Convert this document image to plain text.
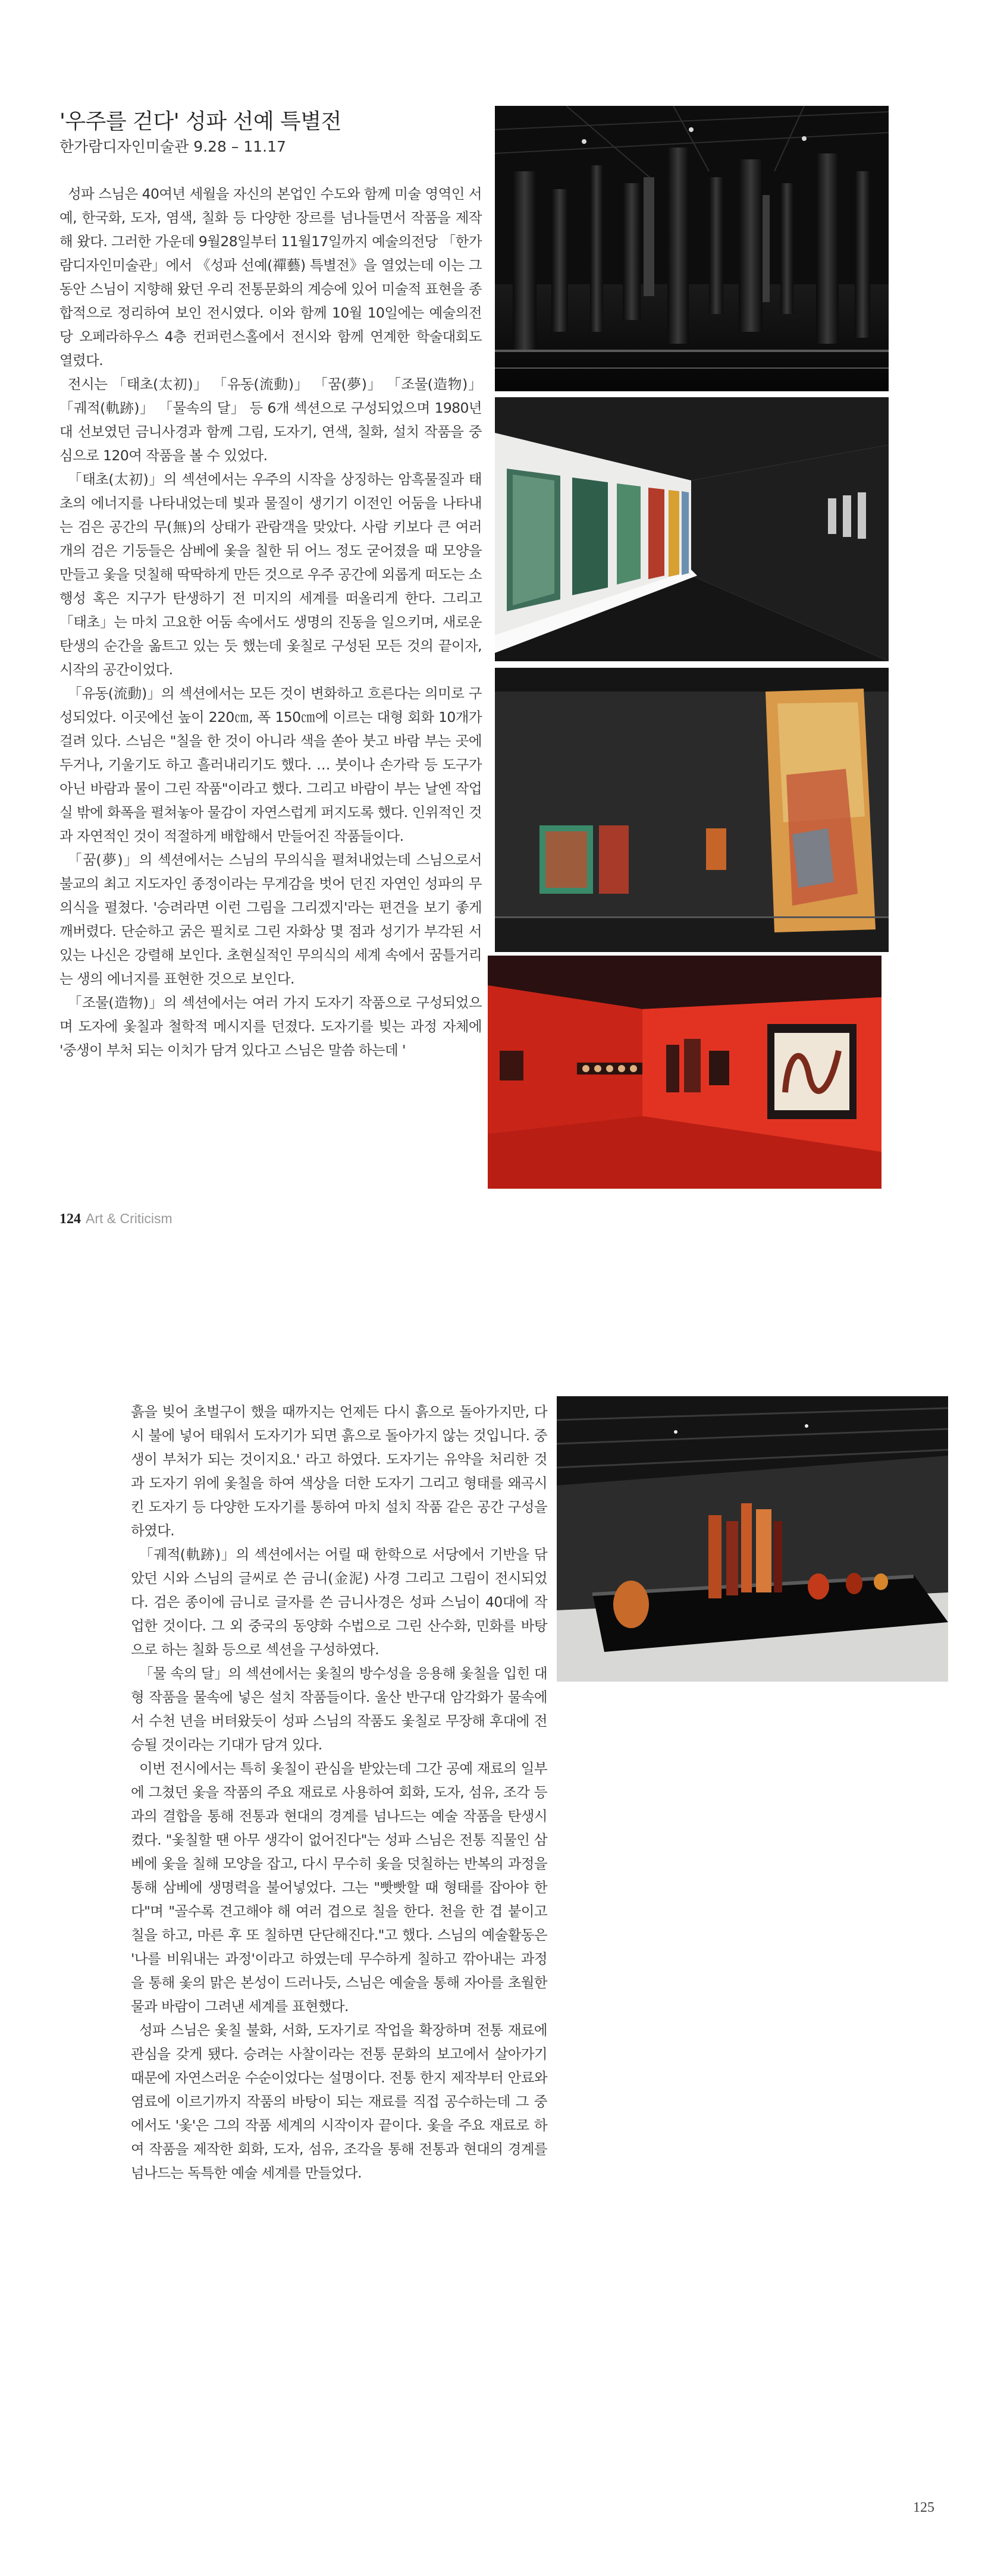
'우주를 걷다' 성파 선예 특별전
한가람디자인미술관 9.28 – 11.17

성파 스님은 40여년 세월을 자신의 본업인 수도와 함께 미술 영역인 서예, 한국화, 도자, 염색, 칠화 등 다양한 장르를 넘나들면서 작품을 제작해 왔다. 그러한 가운데 9월28일부터 11월17일까지 예술의전당 「한가람디자인미술관」에서 《성파 선예(禪藝) 특별전》을 열었는데 이는 그동안 스님이 지향해 왔던 우리 전통문화의 계승에 있어 미술적 표현을 종합적으로 정리하여 보인 전시였다. 이와 함께 10월 10일에는 예술의전당 오페라하우스 4층 컨퍼런스홀에서 전시와 함께 연계한 학술대회도 열렸다.

전시는 「태초(太初)」 「유동(流動)」 「꿈(夢)」 「조물(造物)」 「궤적(軌跡)」 「물속의 달」 등 6개 섹션으로 구성되었으며 1980년대 선보였던 금니사경과 함께 그림, 도자기, 연색, 칠화, 설치 작품을 중심으로 120여 작품을 볼 수 있었다.

「태초(太初)」의 섹션에서는 우주의 시작을 상징하는 암흑물질과 태초의 에너지를 나타내었는데 빛과 물질이 생기기 이전인 어둠을 나타내는 검은 공간의 무(無)의 상태가 관람객을 맞았다. 사람 키보다 큰 여러 개의 검은 기둥들은 삼베에 옻을 칠한 뒤 어느 정도 굳어졌을 때 모양을 만들고 옻을 덧칠해 딱딱하게 만든 것으로 우주 공간에 외롭게 떠도는 소행성 혹은 지구가 탄생하기 전 미지의 세계를 떠올리게 한다. 그리고 「태초」는 마치 고요한 어둠 속에서도 생명의 진동을 일으키며, 새로운 탄생의 순간을 옮트고 있는 듯 했는데 옻칠로 구성된 모든 것의 끝이자, 시작의 공간이었다.

「유동(流動)」의 섹션에서는 모든 것이 변화하고 흐른다는 의미로 구성되었다. 이곳에선 높이 220㎝, 폭 150㎝에 이르는 대형 회화 10개가 걸려 있다. 스님은 "칠을 한 것이 아니라 색을 쏟아 붓고 바람 부는 곳에 두거나, 기울기도 하고 흘러내리기도 했다. … 붓이나 손가락 등 도구가 아닌 바람과 물이 그린 작품"이라고 했다. 그리고 바람이 부는 날엔 작업실 밖에 화폭을 펼쳐놓아 물감이 자연스럽게 퍼지도록 했다. 인위적인 것과 자연적인 것이 적절하게 배합해서 만들어진 작품들이다.

「꿈(夢)」의 섹션에서는 스님의 무의식을 펼쳐내었는데 스님으로서 불교의 최고 지도자인 종정이라는 무게감을 벗어 던진 자연인 성파의 무의식을 펼쳤다. '승려라면 이런 그림을 그리겠지'라는 편견을 보기 좋게 깨버렸다. 단순하고 굵은 필치로 그린 자화상 몇 점과 성기가 부각된 서 있는 나신은 강렬해 보인다. 초현실적인 무의식의 세계 속에서 꿈틀거리는 생의 에너지를 표현한 것으로 보인다.

「조물(造物)」의 섹션에서는 여러 가지 도자기 작품으로 구성되었으며 도자에 옻칠과 철학적 메시지를 던졌다. 도자기를 빚는 과정 자체에 '중생이 부처 되는 이치가 담겨 있다고 스님은 말씀 하는데 '

124 Art & Criticism

흙을 빚어 초벌구이 했을 때까지는 언제든 다시 흙으로 돌아가지만, 다시 불에 넣어 태워서 도자기가 되면 흙으로 돌아가지 않는 것입니다. 중생이 부처가 되는 것이지요.' 라고 하였다. 도자기는 유약을 처리한 것과 도자기 위에 옻칠을 하여 색상을 더한 도자기 그리고 형태를 왜곡시킨 도자기 등 다양한 도자기를 통하여 마치 설치 작품 같은 공간 구성을 하였다.

「궤적(軌跡)」의 섹션에서는 어릴 때 한학으로 서당에서 기반을 닦았던 시와 스님의 글씨로 쓴 금니(金泥) 사경 그리고 그림이 전시되었다. 검은 종이에 금니로 글자를 쓴 금니사경은 성파 스님이 40대에 작업한 것이다. 그 외 중국의 동양화 수법으로 그린 산수화, 민화를 바탕으로 하는 칠화 등으로 섹션을 구성하였다.

「물 속의 달」의 섹션에서는 옻칠의 방수성을 응용해 옻칠을 입힌 대형 작품을 물속에 넣은 설치 작품들이다. 울산 반구대 암각화가 물속에서 수천 년을 버텨왔듯이 성파 스님의 작품도 옻칠로 무장해 후대에 전승될 것이라는 기대가 담겨 있다.

이번 전시에서는 특히 옻칠이 관심을 받았는데 그간 공예 재료의 일부에 그쳤던 옻을 작품의 주요 재료로 사용하여 회화, 도자, 섬유, 조각 등과의 결합을 통해 전통과 현대의 경계를 넘나드는 예술 작품을 탄생시켰다. "옻칠할 땐 아무 생각이 없어진다"는 성파 스님은 전통 직물인 삼베에 옻을 칠해 모양을 잡고, 다시 무수히 옻을 덧칠하는 반복의 과정을 통해 삼베에 생명력을 불어넣었다. 그는 "빳빳할 때 형태를 잡아야 한다"며 "골수록 견고해야 해 여러 겹으로 칠을 한다. 천을 한 겹 붙이고 칠을 하고, 마른 후 또 칠하면 단단해진다."고 했다. 스님의 예술활동은 '나를 비워내는 과정'이라고 하였는데 무수하게 칠하고 깎아내는 과정을 통해 옻의 맑은 본성이 드러나듯, 스님은 예술을 통해 자아를 초월한 물과 바람이 그려낸 세계를 표현했다.

성파 스님은 옻칠 불화, 서화, 도자기로 작업을 확장하며 전통 재료에 관심을 갖게 됐다. 승려는 사찰이라는 전통 문화의 보고에서 살아가기 때문에 자연스러운 수순이었다는 설명이다. 전통 한지 제작부터 안료와 염료에 이르기까지 작품의 바탕이 되는 재료를 직접 공수하는데 그 중에서도 '옻'은 그의 작품 세계의 시작이자 끝이다. 옻을 주요 재료로 하여 작품을 제작한 회화, 도자, 섬유, 조각을 통해 전통과 현대의 경계를 넘나드는 독특한 예술 세계를 만들었다.

125
